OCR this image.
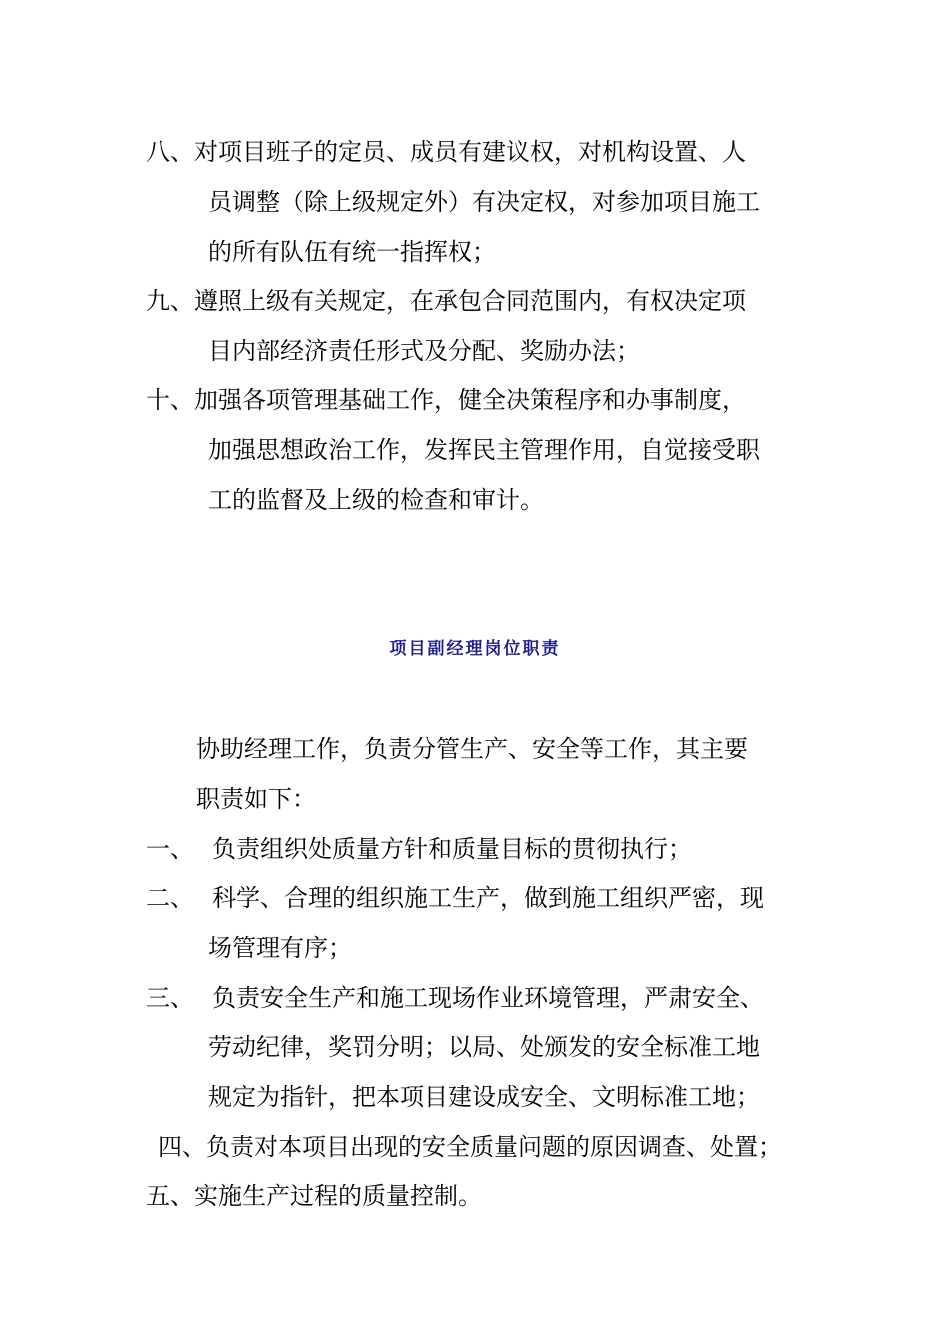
八、对项目班子的定员、成员有建议权，对机构设置、人
员调整（除上级规定外）有决定权，对参加项目施工
的所有队伍有统一指挥权；
九、遵照上级有关规定，在承包合同范围内，有权决定项
目内部经济责任形式及分配、奖励办法；
十、加强各项管理基础工作，健全决策程序和办事制度，
加强思想政治工作，发挥民主管理作用，自觉接受职
工的监督及上级的检查和审计。
项目副经理岗位职责
协助经理工作，负责分管生产、安全等工作，其主要
职责如下：
一、 负责组织处质量方针和质量目标的贯彻执行；
二、 科学、合理的组织施工生产，做到施工组织严密，现
场管理有序；
三、 负责安全生产和施工现场作业环境管理，严肃安全、
劳动纪律，奖罚分明；以局、处颁发的安全标准工地
规定为指针，把本项目建设成安全、文明标准工地；
四、负责对本项目出现的安全质量问题的原因调查、处置；
五、实施生产过程的质量控制。
